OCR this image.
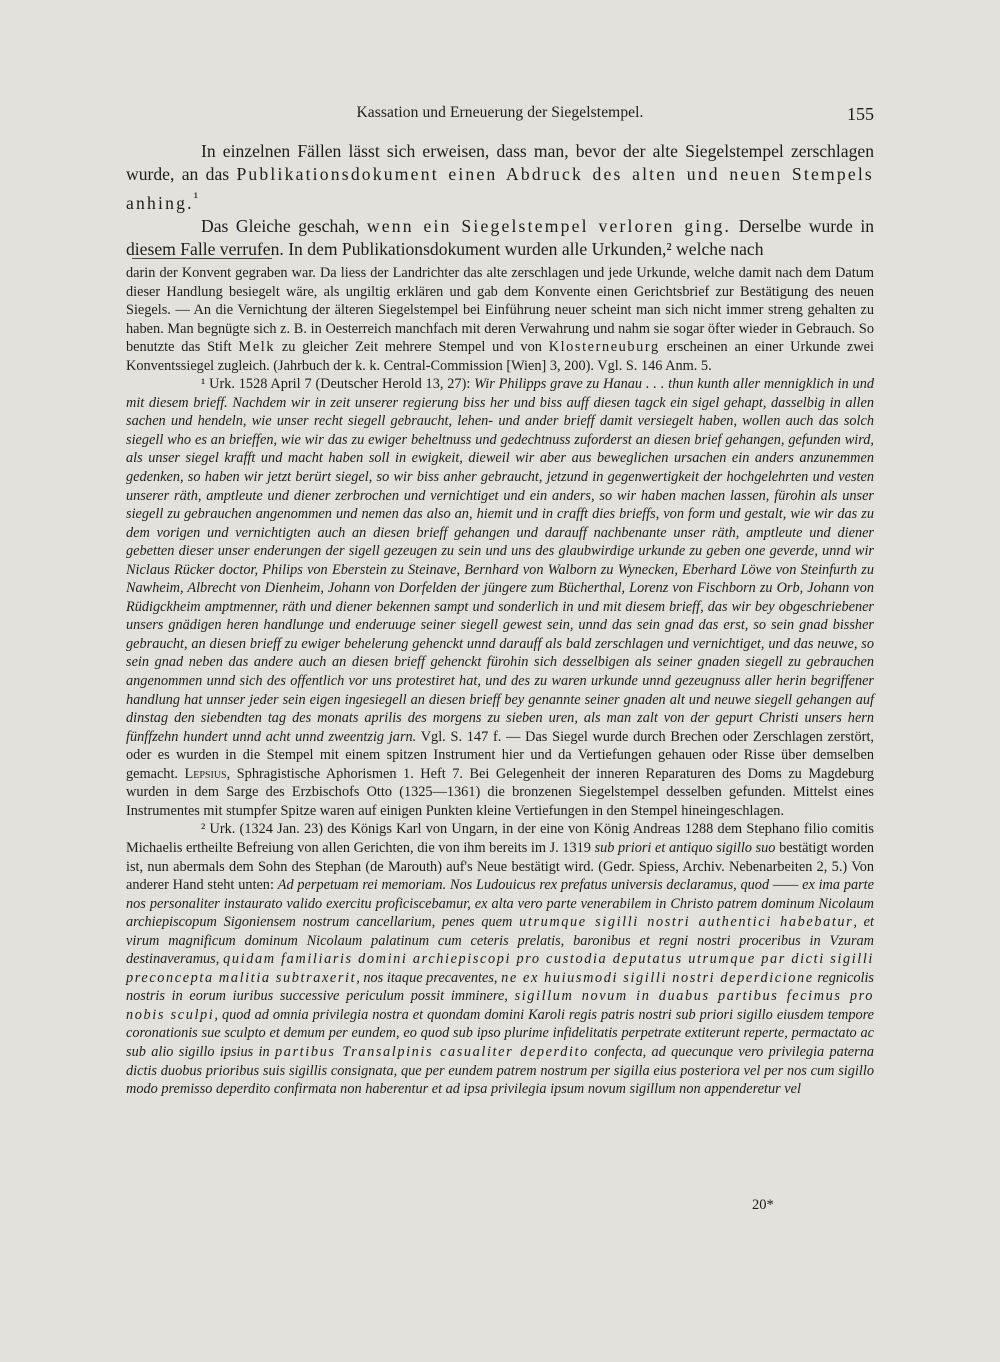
Kassation und Erneuerung der Siegelstempel.	155

In einzelnen Fällen lässt sich erweisen, dass man, bevor der alte Siegelstempel zerschlagen wurde, an das Publikationsdokument einen Abdruck des alten und neuen Stempels anhing.$^{^1}$

Das Gleiche geschah, wenn ein Siegelstempel verloren ging. Derselbe wurde in diesem Falle verrufen. In dem Publikationsdokument wurden alle Urkunden,² welche nach

darin der Konvent gegraben war. Da liess der Landrichter das alte zerschlagen und jede Urkunde, welche damit nach dem Datum dieser Handlung besiegelt wäre, als ungiltig erklären und gab dem Konvente einen Gerichtsbrief zur Bestätigung des neuen Siegels. — An die Vernichtung der älteren Siegelstempel bei Einführung neuer scheint man sich nicht immer streng gehalten zu haben. Man begnügte sich z. B. in Oesterreich manchfach mit deren Verwahrung und nahm sie sogar öfter wieder in Gebrauch. So benutzte das Stift Melk zu gleicher Zeit mehrere Stempel und von Klosterneuburg erscheinen an einer Urkunde zwei Konventssiegel zugleich. (Jahrbuch der k. k. Central-Commission [Wien] 3, 200). Vgl. S. 146 Anm. 5.

¹ Urk. 1528 April 7 (Deutscher Herold 13, 27): Wir Philipps grave zu Hanau . . . thun kunth aller mennigklich in und mit diesem brieff. Nachdem wir in zeit unserer regierung biss her und biss auff diesen tagck ein sigel gehapt, dasselbig in allen sachen und hendeln, wie unser recht siegell gebraucht, lehen- und ander brieff damit versiegelt haben, wollen auch das solch siegell who es an brieffen, wie wir das zu ewiger beheltnuss und gedechtnuss zuforderst an diesen brief gehangen, gefunden wird, als unser siegel krafft und macht haben soll in ewigkeit, dieweil wir aber aus beweglichen ursachen ein anders anzunemmen gedenken, so haben wir jetzt berürt siegel, so wir biss anher gebraucht, jetzund in gegenwertigkeit der hochgelehrten und vesten unserer räth, amptleute und diener zerbrochen und vernichtiget und ein anders, so wir haben machen lassen, fürohin als unser siegell zu gebrauchen angenommen und nemen das also an, hiemit und in crafft dies brieffs, von form und gestalt, wie wir das zu dem vorigen und vernichtigten auch an diesen brieff gehangen und darauff nachbenante unser räth, amptleute und diener gebetten dieser unser enderungen der sigell gezeugen zu sein und uns des glaubwirdige urkunde zu geben one geverde, unnd wir Niclaus Rücker doctor, Philips von Eberstein zu Steinave, Bernhard von Walborn zu Wynecken, Eberhard Löwe von Steinfurth zu Nawheim, Albrecht von Dienheim, Johann von Dorfelden der jüngere zum Bücherthal, Lorenz von Fischborn zu Orb, Johann von Rüdigckheim amptmenner, räth und diener bekennen sampt und sonderlich in und mit diesem brieff, das wir bey obgeschriebener unsers gnädigen heren handlunge und enderuuge seiner siegell gewest sein, unnd das sein gnad das erst, so sein gnad bissher gebraucht, an diesen brieff zu ewiger behelerung gehenckt unnd darauff als bald zerschlagen und vernichtiget, und das neuwe, so sein gnad neben das andere auch an diesen brieff gehenckt fürohin sich desselbigen als seiner gnaden siegell zu gebrauchen angenommen unnd sich des offentlich vor uns protestiret hat, und des zu waren urkunde unnd gezeugnuss aller herin begriffener handlung hat unnser jeder sein eigen ingesiegell an diesen brieff bey genannte seiner gnaden alt und neuwe siegell gehangen auf dinstag den siebendten tag des monats aprilis des morgens zu sieben uren, als man zalt von der gepurt Christi unsers hern fünffzehn hundert unnd acht unnd zweentzig jarn. Vgl. S. 147 f. — Das Siegel wurde durch Brechen oder Zerschlagen zerstört, oder es wurden in die Stempel mit einem spitzen Instrument hier und da Vertiefungen gehauen oder Risse über demselben gemacht. Lepsius, Sphragistische Aphorismen 1. Heft 7. Bei Gelegenheit der inneren Reparaturen des Doms zu Magdeburg wurden in dem Sarge des Erzbischofs Otto (1325—1361) die bronzenen Siegelstempel desselben gefunden. Mittelst eines Instrumentes mit stumpfer Spitze waren auf einigen Punkten kleine Vertiefungen in den Stempel hineingeschlagen.

² Urk. (1324 Jan. 23) des Königs Karl von Ungarn, in der eine von König Andreas 1288 dem Stephano filio comitis Michaelis ertheilte Befreiung von allen Gerichten, die von ihm bereits im J. 1319 sub priori et antiquo sigillo suo bestätigt worden ist, nun abermals dem Sohn des Stephan (de Marouth) auf's Neue bestätigt wird. (Gedr. Spiess, Archiv. Nebenarbeiten 2, 5.) Von anderer Hand steht unten: Ad perpetuam rei memoriam. Nos Ludouicus rex prefatus universis declaramus, quod —— ex ima parte nos personaliter instaurato valido exercitu proficiscebamur, ex alta vero parte venerabilem in Christo patrem dominum Nicolaum archiepiscopum Sigoniensem nostrum cancellarium, penes quem utrumque sigilli nostri authentici habebatur, et virum magnificum dominum Nicolaum palatinum cum ceteris prelatis, baronibus et regni nostri proceribus in Vzuram destinaveramus, quidam familiaris domini archiepiscopi pro custodia deputatus utrumque par dicti sigilli preconcepta malitia subtraxerit, nos itaque precaventes, ne ex huiusmodi sigilli nostri deperdicione regnicolis nostris in eorum iuribus successive periculum possit imminere, sigillum novum in duabus partibus fecimus pro nobis sculpi, quod ad omnia privilegia nostra et quondam domini Karoli regis patris nostri sub priori sigillo eiusdem tempore coronationis sue sculpto et demum per eundem, eo quod sub ipso plurime infidelitatis perpetrate extiterunt reperte, permactato ac sub alio sigillo ipsius in partibus Transalpinis casualiter deperdito confecta, ad quecunque vero privilegia paterna dictis duobus prioribus suis sigillis consignata, que per eundem patrem nostrum per sigilla eius posteriora vel per nos cum sigillo modo premisso deperdito confirmata non haberentur et ad ipsa privilegia ipsum novum sigillum non appenderetur vel

20*
